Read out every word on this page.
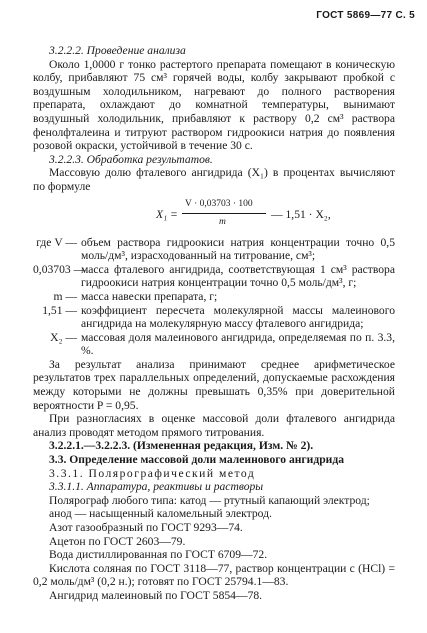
ГОСТ 5869—77 С. 5

3.2.2.2. Проведение анализа

Около 1,0000 г тонко растертого препарата помещают в коническую колбу, прибавляют 75 см³ горячей воды, колбу закрывают пробкой с воздушным холодильником, нагревают до полного растворения препарата, охлаждают до комнатной температуры, вынимают воздушный холодильник, прибавляют к раствору 0,2 см³ раствора фенолфталеина и титруют раствором гидроокиси натрия до появления розовой окраски, устойчивой в течение 30 с.

3.2.2.3. Обработка результатов.

Массовую долю фталевого ангидрида (X₁) в процентах вычисляют по формуле

X₁ =
V · 0,03703 · 100
m
— 1,51 · X₂,
где V — объем раствора гидроокиси натрия концентрации точно 0,5 моль/дм³, израсходованный на титрование, см³;
0,03703 —
масса фталевого ангидрида, соответствующая 1 см³ раствора гидроокиси натрия концентрации точно 0,5 моль/дм³, г;
m — масса навески препарата, г;
1,51 — коэффициент пересчета молекулярной массы малеинового ангидрида на молекулярную массу фталевого ангидрида;
X₂ — массовая доля малеинового ангидрида, определяемая по п. 3.3, %.

За результат анализа принимают среднее арифметическое результатов трех параллельных определений, допускаемые расхождения между которыми не должны превышать 0,35% при доверительной вероятности P = 0,95.

При разногласиях в оценке массовой доли фталевого ангидрида анализ проводят методом прямого титрования.

3.2.2.1.—3.2.2.3. (Измененная редакция, Изм. № 2).

3.3. Определение массовой доли малеинового ангидрида

3.3.1. Полярографический метод

3.3.1.1. Аппаратура, реактивы и растворы

Полярограф любого типа: катод — ртутный капающий электрод;

анод — насыщенный каломельный электрод.

Азот газообразный по ГОСТ 9293—74.

Ацетон по ГОСТ 2603—79.

Вода дистиллированная по ГОСТ 6709—72.

Кислота соляная по ГОСТ 3118—77, раствор концентрации c (HCl) = 0,2 моль/дм³ (0,2 н.); готовят по ГОСТ 25794.1—83.

Ангидрид малеиновый по ГОСТ 5854—78.
